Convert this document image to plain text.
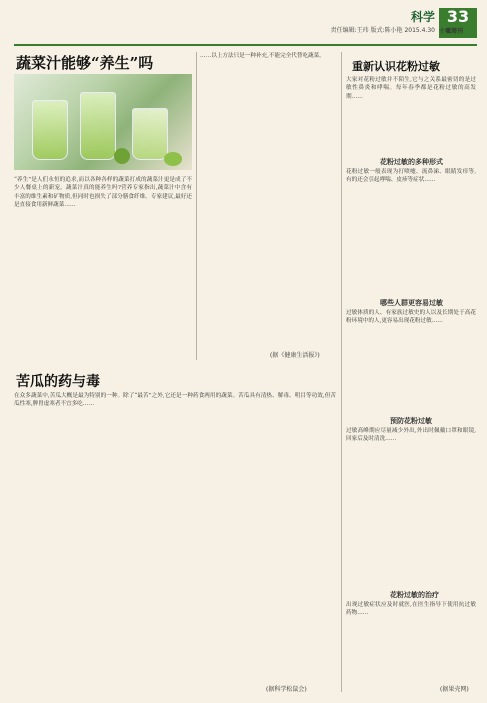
科学
责任编辑:王玮 版式:陈小艳 2015.4.30
33
十堰周刊
蔬菜汁能够“养生”吗
“养生”是人们永恒的追求,而以各种各样的蔬菜打成的蔬菜汁更是成了不少人餐桌上的新宠。蔬菜汁真的能养生吗?营养专家指出,蔬菜汁中含有丰富的维生素和矿物质,但同时也损失了部分膳食纤维。专家建议,最好还是直接食用新鲜蔬菜……
……以上方法只是一种补充,不能完全代替吃蔬菜。
(据《健康生活报》)
苦瓜的药与毒
在众多蔬菜中,苦瓜大概是最为特别的一种。除了“最苦”之外,它还是一种药食两用的蔬菜。苦瓜具有清热、解毒、明目等功效,但苦瓜性寒,脾胃虚寒者不宜多吃……
(据科学松鼠会)
重新认识花粉过敏
大家对花粉过敏并不陌生,它与之关系最密切的是过敏性鼻炎和哮喘。每年春季都是花粉过敏的高发期……
花粉过敏的多种形式
花粉过敏一般表现为打喷嚏、流鼻涕、眼睛发痒等,有的还会引起哮喘、皮疹等症状……
哪些人群更容易过敏
过敏体质的人、有家族过敏史的人以及长期处于高花粉环境中的人,更容易出现花粉过敏……
预防花粉过敏
过敏高峰期应尽量减少外出,外出时佩戴口罩和眼镜,回家后及时清洗……
花粉过敏的治疗
出现过敏症状应及时就医,在医生指导下使用抗过敏药物……
(据果壳网)
